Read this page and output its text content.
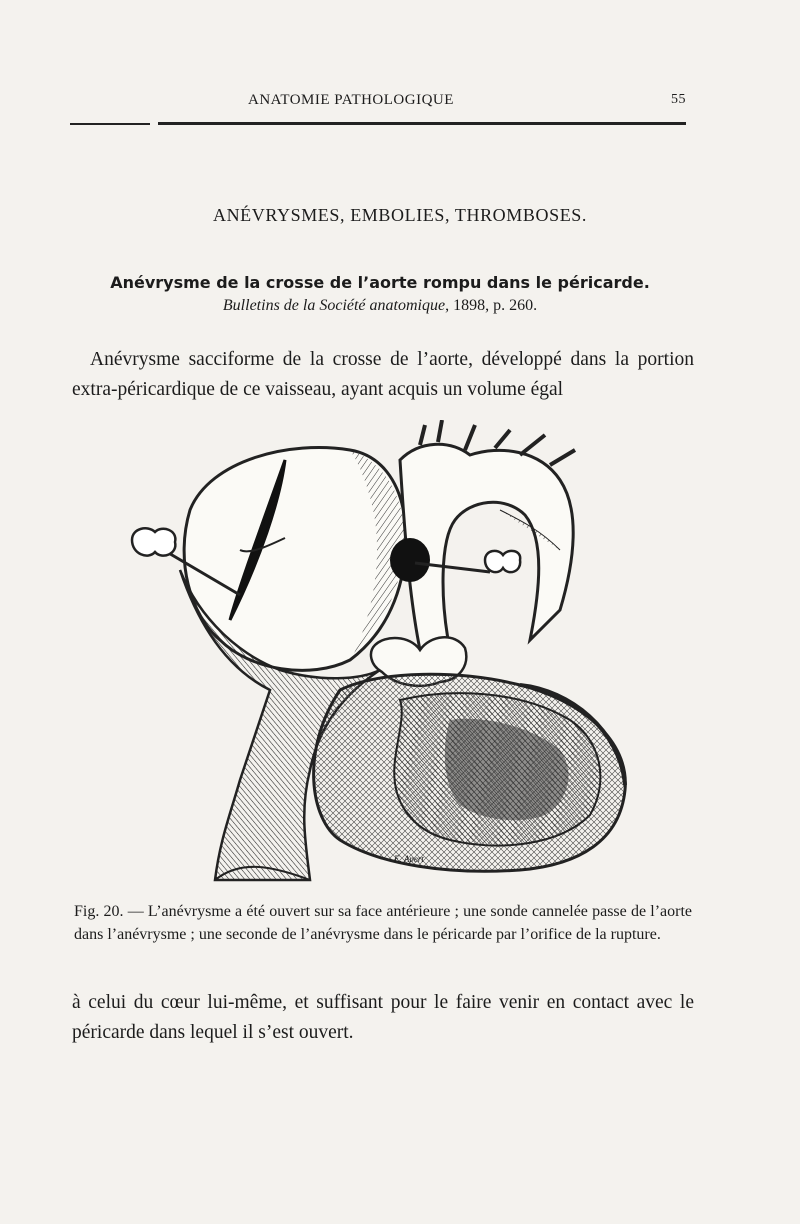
ANATOMIE PATHOLOGIQUE	55
ANÉVRYSMES, EMBOLIES, THROMBOSES.
Anévrysme de la crosse de l’aorte rompu dans le péricarde.
Bulletins de la Société anatomique, 1898, p. 260.
Anévrysme sacciforme de la crosse de l’aorte, développé dans la portion extra-péricardique de ce vaisseau, ayant acquis un volume égal
E. Apert
Fig. 20. — L’anévrysme a été ouvert sur sa face antérieure ; une sonde cannelée passe de l’aorte dans l’anévrysme ; une seconde de l’anévrysme dans le péricarde par l’orifice de la rupture.
à celui du cœur lui-même, et suffisant pour le faire venir en contact avec le péricarde dans lequel il s’est ouvert.
